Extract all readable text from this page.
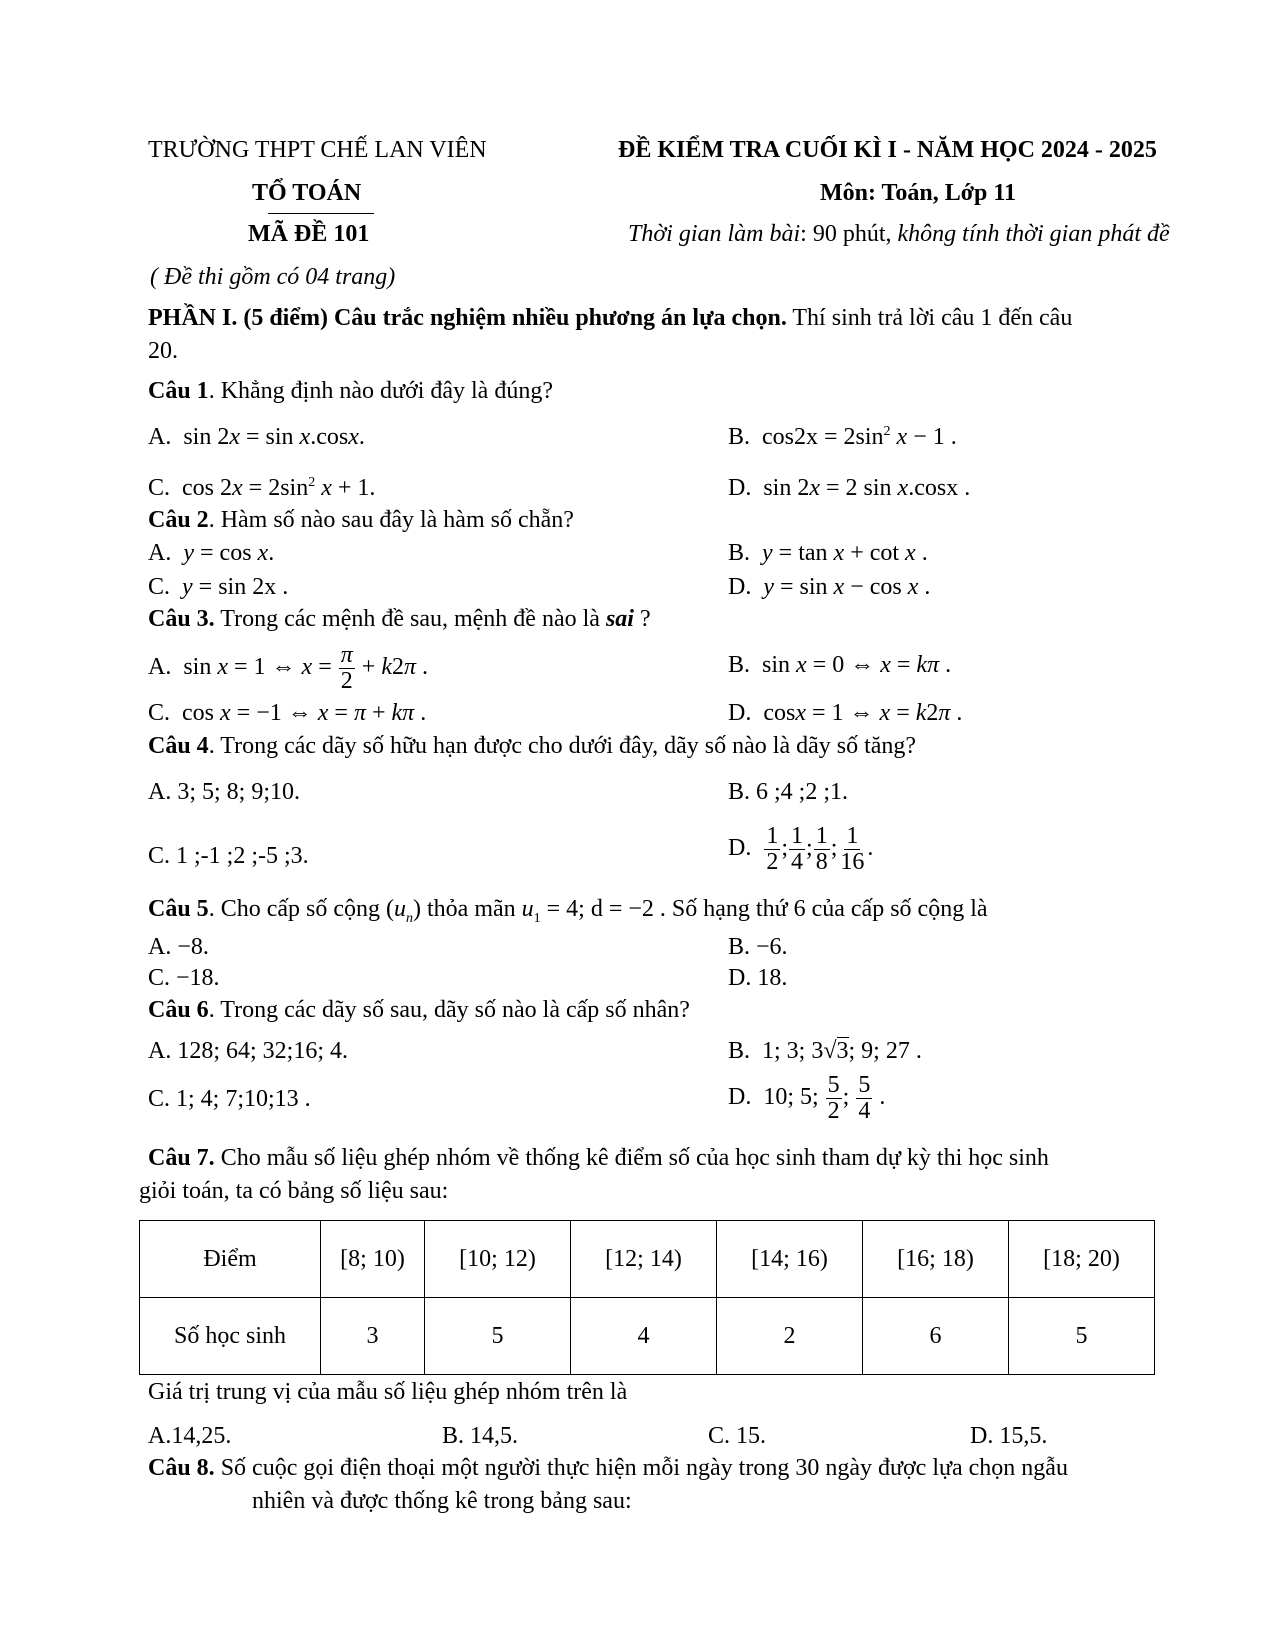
TRƯỜNG THPT CHẾ LAN VIÊN
TỔ TOÁN
MÃ ĐỀ 101
( Đề thi gồm có 04 trang)
ĐỀ KIỂM TRA CUỐI KÌ I - NĂM HỌC 2024 - 2025
Môn: Toán, Lớp 11
Thời gian làm bài: 90 phút, không tính thời gian phát đề
PHẦN I. (5 điểm) Câu trắc nghiệm nhiều phương án lựa chọn. Thí sinh trả lời câu 1 đến câu
20.
Câu 1. Khẳng định nào dưới đây là đúng?
A.  sin 2x = sin x.cosx.	B.  $\cos 2x = 2\sin^2$ x − 1 .
C.  $\cos 2x = 2\sin^2$ x + 1.	D.  sin 2x = 2 sin x.cosx .
Câu 2. Hàm số nào sau đây là hàm số chẵn?
A.  y = cos x.	B.  y = tan x + cot x .
C.  y = sin 2x .	D.  y = sin x − cos x .
Câu 3. Trong các mệnh đề sau, mệnh đề nào là sai ?
A.  sin x = 1 ⇔ $x = \frac{\pi}{2} + k2\pi$ .	B.  sin x = 0 ⇔ x = kπ .
C.  cos x = −1 ⇔ x = π + kπ .	D.  cosx = 1 ⇔ x = k2π .
Câu 4. Trong các dãy số hữu hạn được cho dưới đây, dãy số nào là dãy số tăng?
A. 3; 5; 8; 9;10.	B. 6 ;4 ;2 ;1.
C. 1 ;-1 ;2 ;-5 ;3.	D. $\frac{1}{2}$ ; $\frac{1}{4}$ ; $\frac{1}{8}$ ; $\frac{1}{16}$ .
Câu 5. Cho cấp số cộng $(u_n)$ thỏa mãn $u_1 = 4$; d = −2 . Số hạng thứ 6 của cấp số cộng là
A. −8.	B. −6.
C. −18.	D. 18.
Câu 6. Trong các dãy số sau, dãy số nào là cấp số nhân?
A. 128; 64; 32;16; 4.	B.  1; 3; 3√3; 9; 27 .
C. 1; 4; 7;10;13 .	D.  10; 5; $\frac{5}{2}$ ; $\frac{5}{4}$ .
Câu 7. Cho mẫu số liệu ghép nhóm về thống kê điểm số của học sinh tham dự kỳ thi học sinh
giỏi toán, ta có bảng số liệu sau:
Điểm	[8; 10)	[10; 12)	[12; 14)	[14; 16)	[16; 18)	[18; 20)
Số học sinh	3	5	4	2	6	5
Giá trị trung vị của mẫu số liệu ghép nhóm trên là
A.14,25.	B. 14,5.	C. 15.	D. 15,5.
Câu 8. Số cuộc gọi điện thoại một người thực hiện mỗi ngày trong 30 ngày được lựa chọn ngẫu
nhiên và được thống kê trong bảng sau:
